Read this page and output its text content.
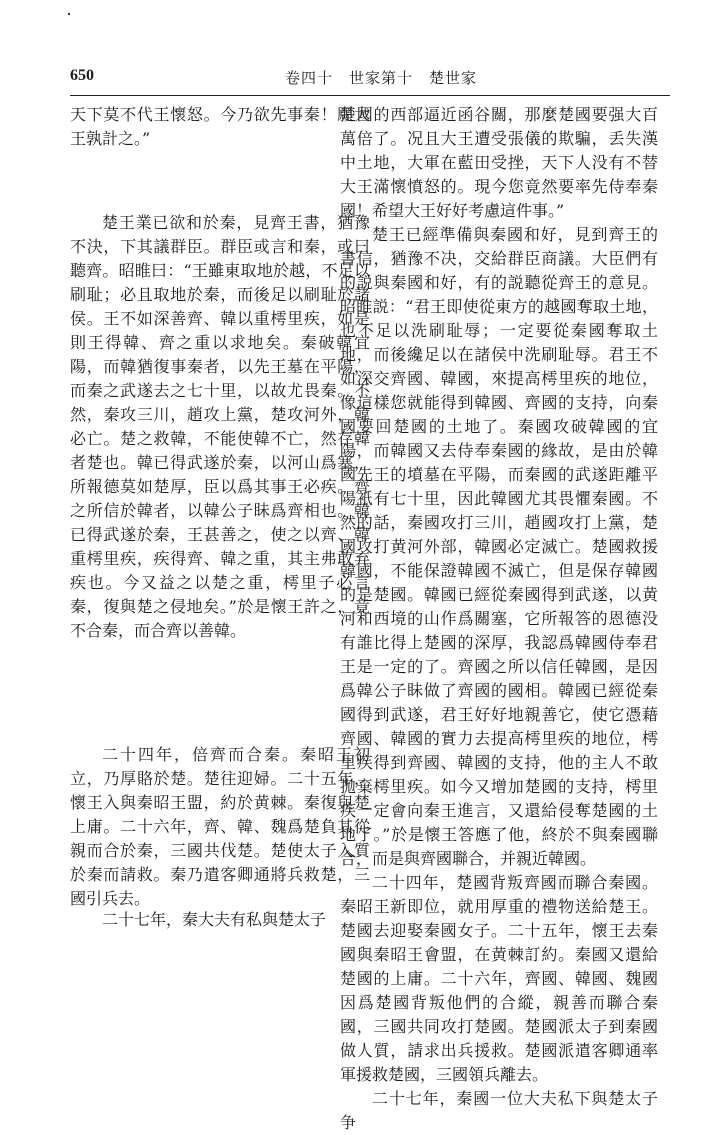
650	卷四十　世家第十　楚世家

天下莫不代王懷怒。今乃欲先事秦！願大王孰計之。”

楚王業已欲和於秦，見齊王書，猶豫不決，下其議群臣。群臣或言和秦，或曰聽齊。昭睢曰：“王雖東取地於越，不足以刷耻；必且取地於秦，而後足以刷耻於諸侯。王不如深善齊、韓以重樗里疾，如是則王得韓、齊之重以求地矣。秦破韓宜陽，而韓猶復事秦者，以先王墓在平陽，而秦之武遂去之七十里，以故尤畏秦。不然，秦攻三川，趙攻上黨，楚攻河外，韓必亡。楚之救韓，不能使韓不亡，然存韓者楚也。韓已得武遂於秦，以河山爲塞，所報德莫如楚厚，臣以爲其事王必疾。齊之所信於韓者，以韓公子眛爲齊相也。韓已得武遂於秦，王甚善之，使之以齊、韓重樗里疾，疾得齊、韓之重，其主弗敢弃疾也。今又益之以楚之重，樗里子必言秦，復與楚之侵地矣。”於是懷王許之，竟不合秦，而合齊以善韓。

二十四年，倍齊而合秦。秦昭王初立，乃厚賂於楚。楚往迎婦。二十五年，懷王入與秦昭王盟，約於黄棘。秦復與楚上庸。二十六年，齊、韓、魏爲楚負其從親而合於秦，三國共伐楚。楚使太子入質於秦而請救。秦乃遣客卿通將兵救楚，三國引兵去。

二十七年，秦大夫有私與楚太子

楚國的西部逼近函谷關，那麼楚國要强大百萬倍了。况且大王遭受張儀的欺騙，丢失漢中土地，大軍在藍田受挫，天下人没有不替大王滿懷憤怒的。現今您竟然要率先侍奉秦國！希望大王好好考慮這件事。”

楚王已經準備與秦國和好，見到齊王的書信，猶豫不决，交給群臣商議。大臣們有的説與秦國和好，有的説聽從齊王的意見。昭睢説：“君王即使從東方的越國奪取土地，也不足以洗刷耻辱；一定要從秦國奪取土地，而後纔足以在諸侯中洗刷耻辱。君王不如深交齊國、韓國，來提高樗里疾的地位，像這樣您就能得到韓國、齊國的支持，向秦國要回楚國的土地了。秦國攻破韓國的宜陽，而韓國又去侍奉秦國的緣故，是由於韓國先王的墳墓在平陽，而秦國的武遂距離平陽衹有七十里，因此韓國尤其畏懼秦國。不然的話，秦國攻打三川，趙國攻打上黨，楚國攻打黄河外部，韓國必定滅亡。楚國救援韓國，不能保證韓國不滅亡，但是保存韓國的是楚國。韓國已經從秦國得到武遂，以黄河和西境的山作爲關塞，它所報答的恩德没有誰比得上楚國的深厚，我認爲韓國侍奉君王是一定的了。齊國之所以信任韓國，是因爲韓公子眛做了齊國的國相。韓國已經從秦國得到武遂，君王好好地親善它，使它憑藉齊國、韓國的實力去提高樗里疾的地位，樗里疾得到齊國、韓國的支持，他的主人不敢拋棄樗里疾。如今又增加楚國的支持，樗里疾一定會向秦王進言，又還給侵奪楚國的土地了。”於是懷王答應了他，終於不與秦國聯合，而是與齊國聯合，并親近韓國。

二十四年，楚國背叛齊國而聯合秦國。秦昭王新即位，就用厚重的禮物送給楚王。楚國去迎娶秦國女子。二十五年，懷王去秦國與秦昭王會盟，在黄棘訂約。秦國又還給楚國的上庸。二十六年，齊國、韓國、魏國因爲楚國背叛他們的合縱，親善而聯合秦國，三國共同攻打楚國。楚國派太子到秦國做人質，請求出兵援救。楚國派遣客卿通率軍援救楚國，三國領兵離去。

二十七年，秦國一位大夫私下與楚太子争
